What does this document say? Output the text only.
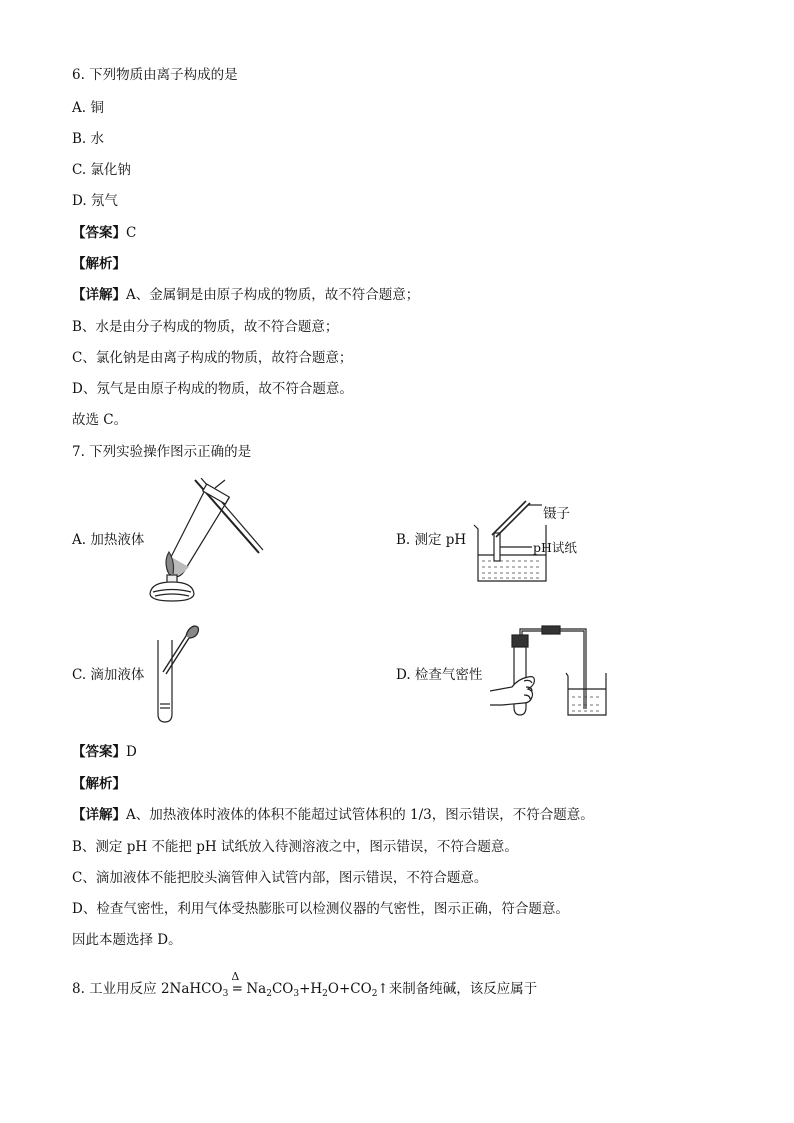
6. 下列物质由离子构成的是
A. 铜
B. 水
C. 氯化钠
D. 氖气
【答案】C
【解析】
【详解】A、金属铜是由原子构成的物质，故不符合题意；
B、水是由分子构成的物质，故不符合题意；
C、氯化钠是由离子构成的物质，故符合题意；
D、氖气是由原子构成的物质，故不符合题意。
故选 C。
7. 下列实验操作图示正确的是
A. 加热液体	B. 测定 pH
镊子
pH试纸
C. 滴加液体	D. 检查气密性
【答案】D
【解析】
【详解】A、加热液体时液体的体积不能超过试管体积的 1/3，图示错误，不符合题意。
B、测定 pH 不能把 pH 试纸放入待测溶液之中，图示错误，不符合题意。
C、滴加液体不能把胶头滴管伸入试管内部，图示错误，不符合题意。
D、检查气密性，利用气体受热膨胀可以检测仪器的气密性，图示正确，符合题意。
因此本题选择 D。
8. 工业用反应 2NaHCO$_3$
Δ
= $Na_2CO_3+H_2O+CO_2↑$来制备纯碱，该反应属于
